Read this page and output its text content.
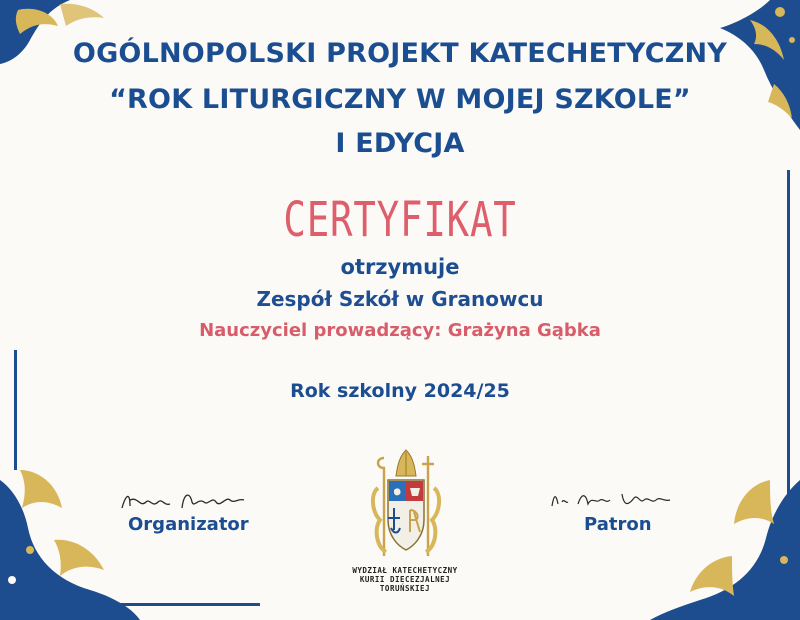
OGÓLNOPOLSKI PROJEKT KATECHETYCZNY
“ROK LITURGICZNY W MOJEJ SZKOLE”
I EDYCJA
CERTYFIKAT
otrzymuje
Zespół Szkół w Granowcu
Nauczyciel prowadzący: Grażyna Gąbka
Rok szkolny 2024/25
Organizator	Patron
WYDZIAŁ KATECHETYCZNY
KURII DIECEZJALNEJ
TORUŃSKIEJ
